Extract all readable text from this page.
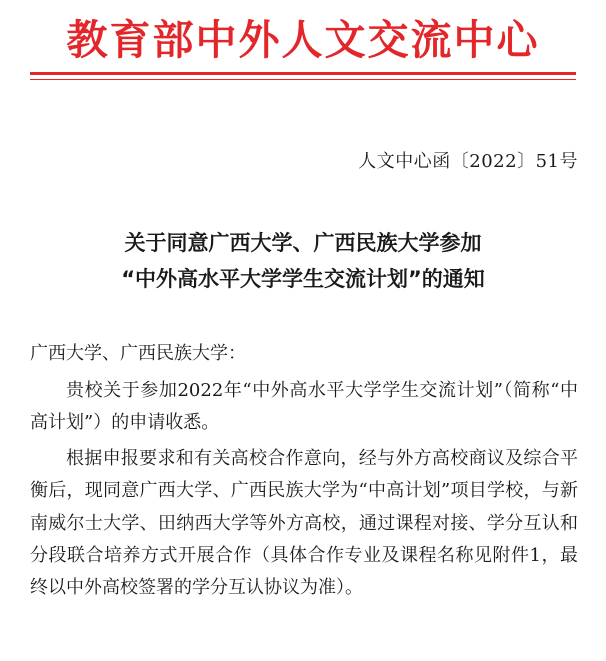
教育部中外人文交流中心
人文中心函〔2022〕51号
关于同意广西大学、广西民族大学参加
“中外高水平大学学生交流计划”的通知
广西大学、广西民族大学：

贵校关于参加2022年“中外高水平大学学生交流计划”（简称“中高计划”）的申请收悉。

根据申报要求和有关高校合作意向，经与外方高校商议及综合平衡后，现同意广西大学、广西民族大学为“中高计划”项目学校，与新南威尔士大学、田纳西大学等外方高校，通过课程对接、学分互认和分段联合培养方式开展合作（具体合作专业及课程名称见附件1，最终以中外高校签署的学分互认协议为准）。
